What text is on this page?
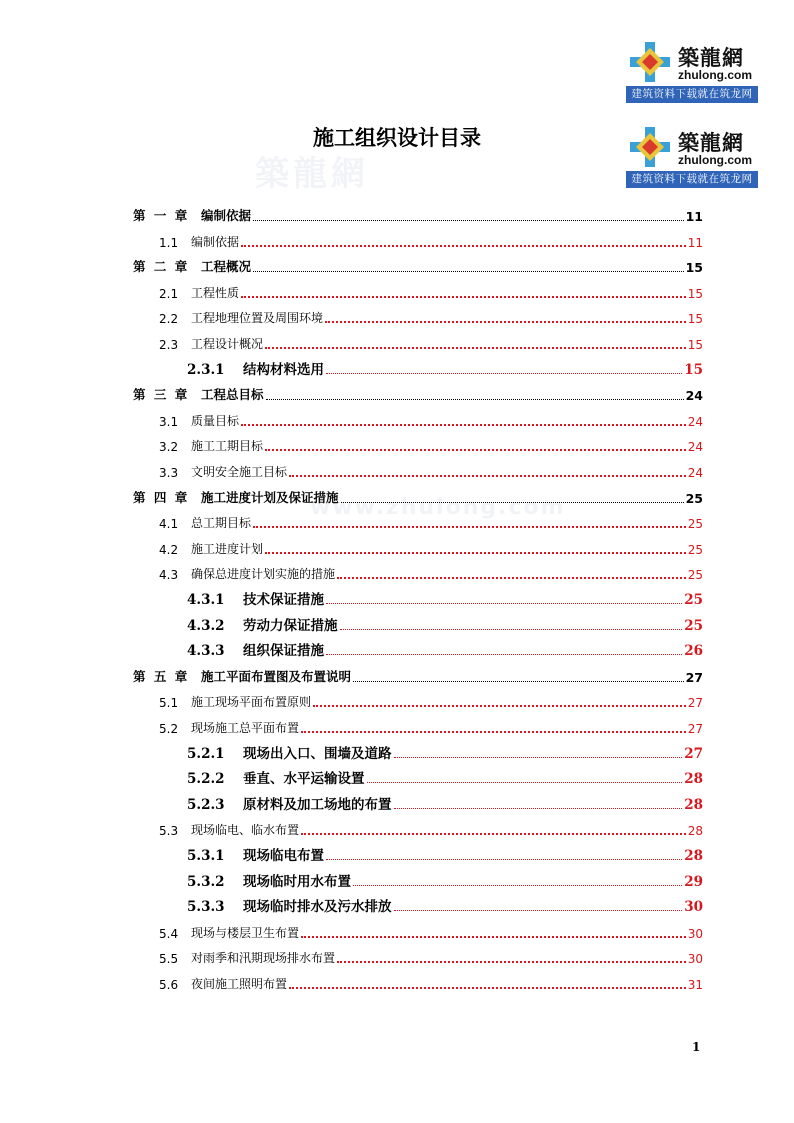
築龍網
zhulong.com
建筑资料下载就在筑龙网
築龍網
zhulong.com
建筑资料下载就在筑龙网
築龍網
www.zhulong.com
施工组织设计目录
第 一 章 编制依据	11
1.1	编制依据	11
第 二 章 工程概况	15
2.1	工程性质	15
2.2	工程地理位置及周围环境	15
2.3	工程设计概况	15
2.3.1	结构材料选用	15
第 三 章 工程总目标	24
3.1	质量目标	24
3.2	施工工期目标	24
3.3	文明安全施工目标	24
第 四 章 施工进度计划及保证措施	25
4.1	总工期目标	25
4.2	施工进度计划	25
4.3	确保总进度计划实施的措施	25
4.3.1	技术保证措施	25
4.3.2	劳动力保证措施	25
4.3.3	组织保证措施	26
第 五 章 施工平面布置图及布置说明	27
5.1	施工现场平面布置原则	27
5.2	现场施工总平面布置	27
5.2.1	现场出入口、围墙及道路	27
5.2.2	垂直、水平运输设置	28
5.2.3	原材料及加工场地的布置	28
5.3	现场临电、临水布置	28
5.3.1	现场临电布置	28
5.3.2	现场临时用水布置	29
5.3.3	现场临时排水及污水排放	30
5.4	现场与楼层卫生布置	30
5.5	对雨季和汛期现场排水布置	30
5.6	夜间施工照明布置	31
1
